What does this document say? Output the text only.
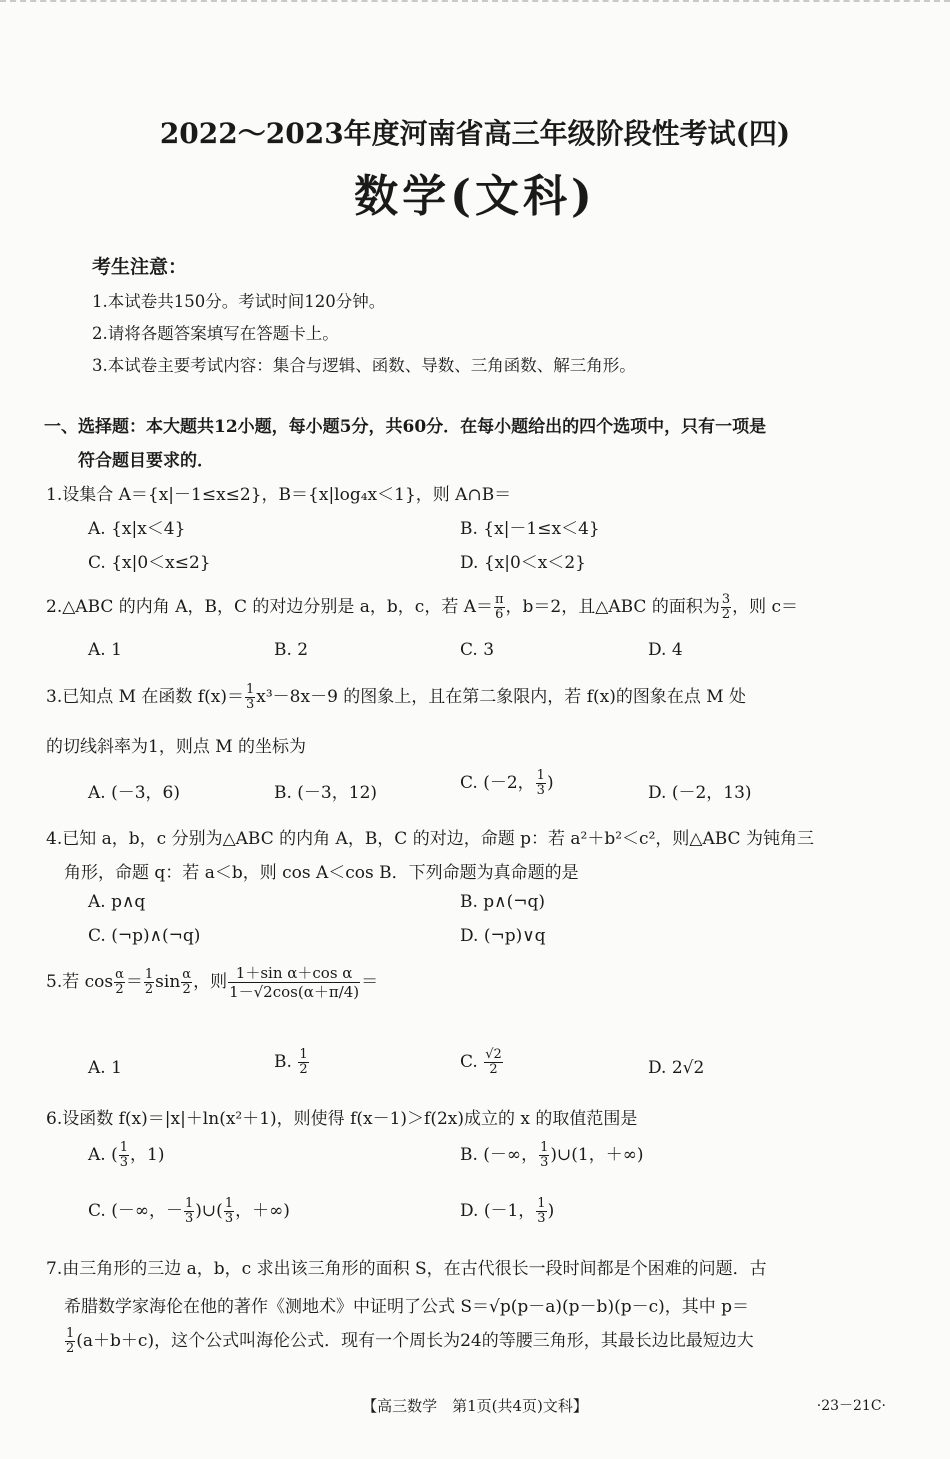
2022～2023年度河南省高三年级阶段性考试(四)
数学(文科)
考生注意：
1.本试卷共150分。考试时间120分钟。
2.请将各题答案填写在答题卡上。
3.本试卷主要考试内容：集合与逻辑、函数、导数、三角函数、解三角形。
一、选择题：本大题共12小题，每小题5分，共60分．在每小题给出的四个选项中，只有一项是
符合题目要求的．
1.设集合 A＝{x|－1≤x≤2}，B＝{x|log₄x＜1}，则 A∩B＝
A. {x|x＜4}	B. {x|－1≤x＜4}
C. {x|0＜x≤2}	D. {x|0＜x＜2}
2.△ABC 的内角 A，B，C 的对边分别是 a，b，c，若 $A= \frac{\pi}{6}$ ，b＝2，且△ABC 的面积为 $\frac{3}{2}$ ，则 c＝
A. 1	B. 2	C. 3	D. 4
3.已知点 M 在函数 $f(x)= \frac{1}{3} x^3-8x-9$ 的图象上，且在第二象限内，若 f(x)的图象在点 M 处
的切线斜率为1，则点 M 的坐标为
A. (－3，6)	B. (－3，12)	C. (－2， $\frac{1}{3}$ )	D. (－2，13)
4.已知 a，b，c 分别为△ABC 的内角 A，B，C 的对边，命题 p：若 a²＋b²＜c²，则△ABC 为钝角三
角形，命题 q：若 a＜b，则 cos A＜cos B．下列命题为真命题的是
A. p∧q	B. p∧(¬q)
C. (¬p)∧(¬q)	D. (¬p)∨q
5.若 $\cos \frac{\alpha}{2} = \frac{1}{2}$ $\sin \frac{\alpha}{2}$ ，则 $\frac{\text{1＋sin α＋cos α}}{1-√2\cos(\alpha+\pi/4)}$ ＝
A. 1	B. $\frac{1}{2}$	C. $\frac{√2}{2}$	D. 2√2
6.设函数 f(x)＝|x|＋ln(x²＋1)，则使得 f(x－1)＞f(2x)成立的 x 的取值范围是
A. ( $\frac{1}{3}$ ，1)	B. (－∞， $\frac{1}{3}$ )∪(1，＋∞)
C. (－∞，－ $\frac{1}{3}$ )∪( $\frac{1}{3}$ ，＋∞)	D. (－1， $\frac{1}{3}$ )
7.由三角形的三边 a，b，c 求出该三角形的面积 S，在古代很长一段时间都是个困难的问题．古
希腊数学家海伦在他的著作《测地术》中证明了公式 S＝√p(p－a)(p－b)(p－c)，其中 p＝
$\frac{1}{2} (a+b+c)$，这个公式叫海伦公式．现有一个周长为24的等腰三角形，其最长边比最短边大
【高三数学　第1页(共4页)文科】	·23－21C·
